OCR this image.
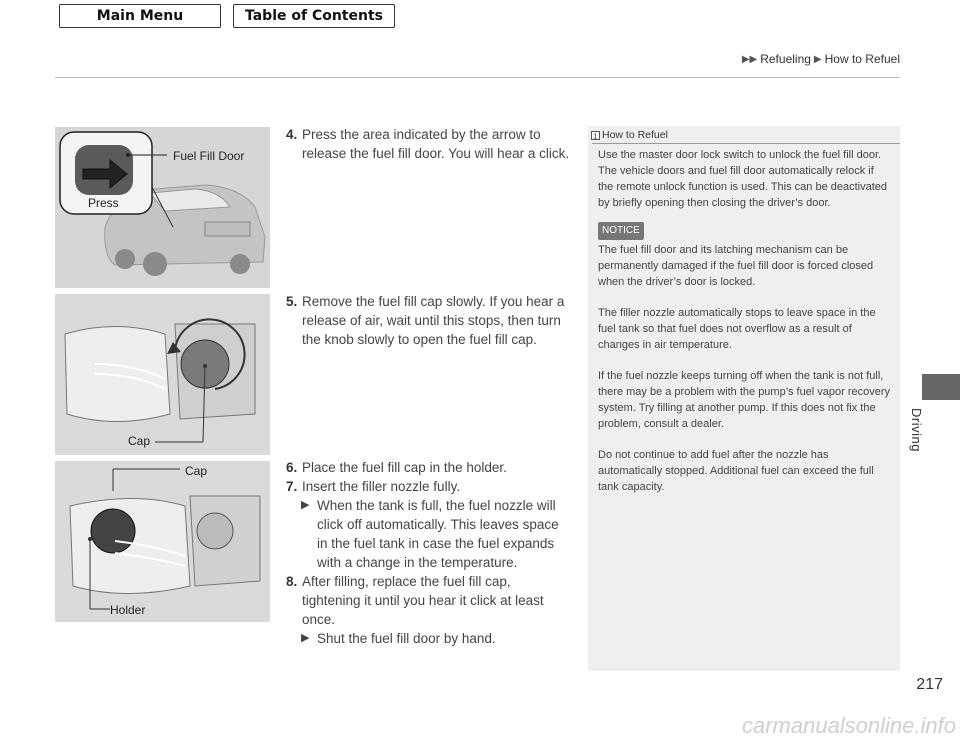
Main Menu	Table of Contents
▶▶ Refueling ▶ How to Refuel
Driving
Fuel Fill Door
Press
Cap
Cap
Holder
4. Press the area indicated by the arrow to release the fuel fill door. You will hear a click.
5. Remove the fuel fill cap slowly. If you hear a release of air, wait until this stops, then turn the knob slowly to open the fuel fill cap.
6. Place the fuel fill cap in the holder.
7. Insert the filler nozzle fully.
▶ When the tank is full, the fuel nozzle will click off automatically. This leaves space in the fuel tank in case the fuel expands with a change in the temperature.
8. After filling, replace the fuel fill cap, tightening it until you hear it click at least once.
▶ Shut the fuel fill door by hand.
1 How to Refuel

Use the master door lock switch to unlock the fuel fill door.

The vehicle doors and fuel fill door automatically relock if the remote unlock function is used. This can be deactivated by briefly opening then closing the driver’s door.

NOTICE

The fuel fill door and its latching mechanism can be permanently damaged if the fuel fill door is forced closed when the driver’s door is locked.

The filler nozzle automatically stops to leave space in the fuel tank so that fuel does not overflow as a result of changes in air temperature.

If the fuel nozzle keeps turning off when the tank is not full, there may be a problem with the pump’s fuel vapor recovery system. Try filling at another pump. If this does not fix the problem, consult a dealer.

Do not continue to add fuel after the nozzle has automatically stopped. Additional fuel can exceed the full tank capacity.

217
carmanualsonline.info
